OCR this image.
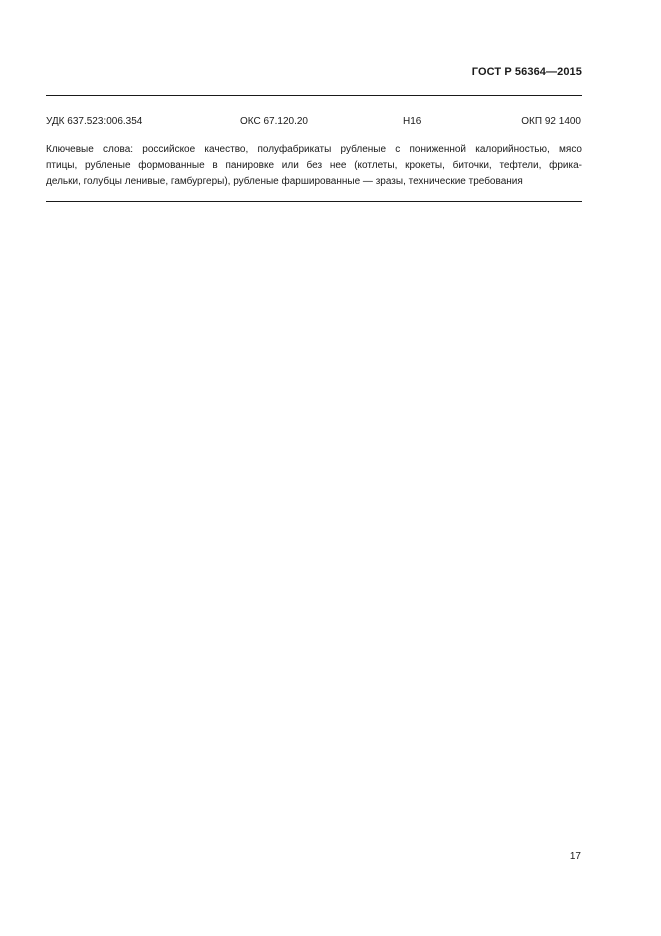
ГОСТ Р 56364—2015
УДК 637.523:006.354	ОКС 67.120.20	Н16	ОКП 92 1400
Ключевые слова: российское качество, полуфабрикаты рубленые с пониженной калорийностью, мясо
птицы, рубленые формованные в панировке или без нее (котлеты, крокеты, биточки, тефтели, фрика-
дельки, голубцы ленивые, гамбургеры), рубленые фаршированные — зразы, технические требования
17
